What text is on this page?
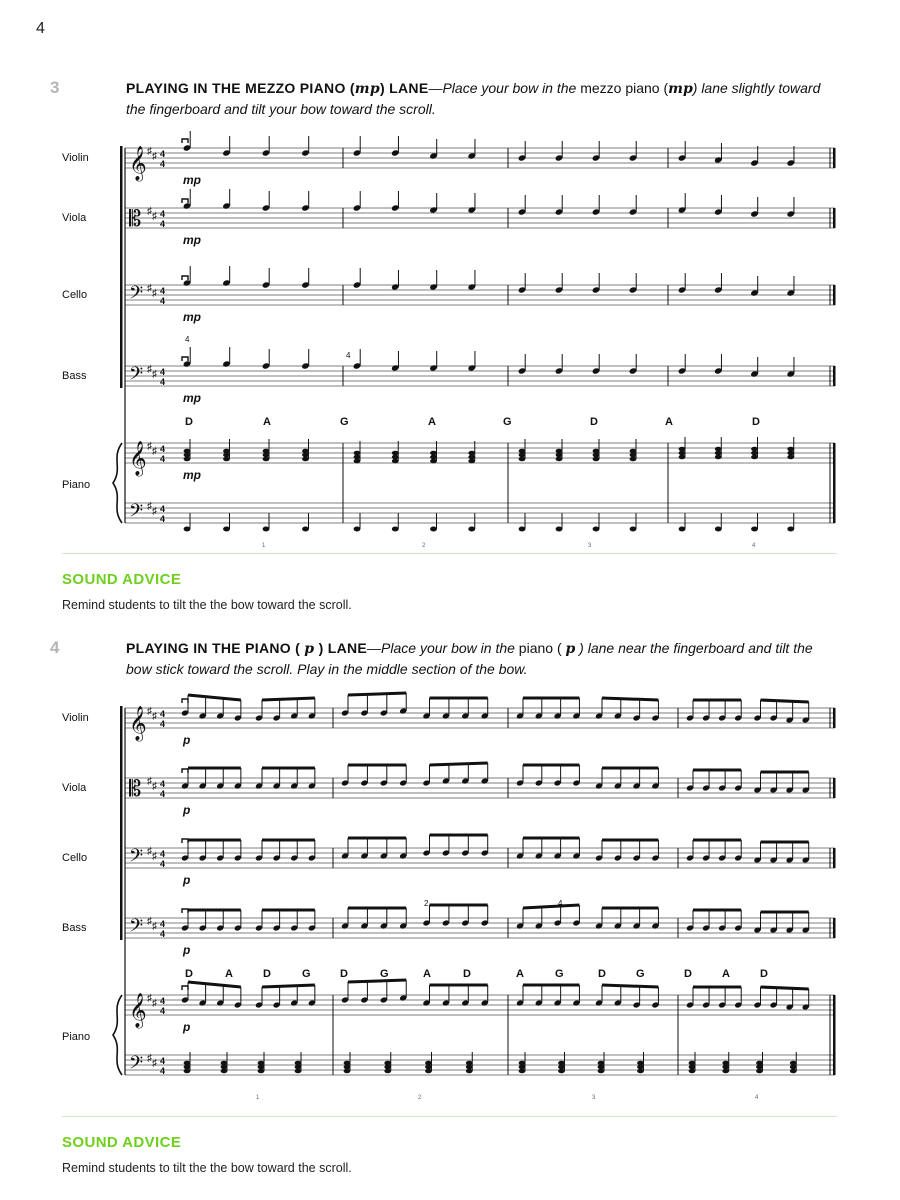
4
3	PLAYING IN THE MEZZO PIANO (mp) LANE—Place your bow in the mezzo piano (mp) lane slightly toward the fingerboard and tilt your bow toward the scroll.
Violin
Viola
Cello
Bass
Piano
𝄞 ♯ ♯ 4
4
𝄡 ♯ ♯ 4
4
𝄢 ♯ ♯ 4
4
𝄢 ♯ ♯ 4
4
𝄞 ♯ ♯ 4
4
𝄢 ♯ ♯ 4
4
mp
mp
mp
mp
mp
D	A	G	A	G	D	A	D
1	2	3	4
4
4
SOUND ADVICE
Remind students to tilt the the bow toward the scroll.
4	PLAYING IN THE PIANO ( p ) LANE—Place your bow in the piano ( p ) lane near the fingerboard and tilt the bow stick toward the scroll. Play in the middle section of the bow.
Violin
Viola
Cello
Bass
Piano
𝄞 ♯ ♯ 4
4
𝄡 ♯ ♯ 4
4
𝄢 ♯ ♯ 4
4
𝄢 ♯ ♯ 4
4
𝄞 ♯ ♯ 4
4
𝄢 ♯ ♯ 4
4
p
p
p
p
p
D	A	D	G	D	G	A	D	A	G	D	G	D	A	D
1	2	3	4
2	4
SOUND ADVICE
Remind students to tilt the the bow toward the scroll.
